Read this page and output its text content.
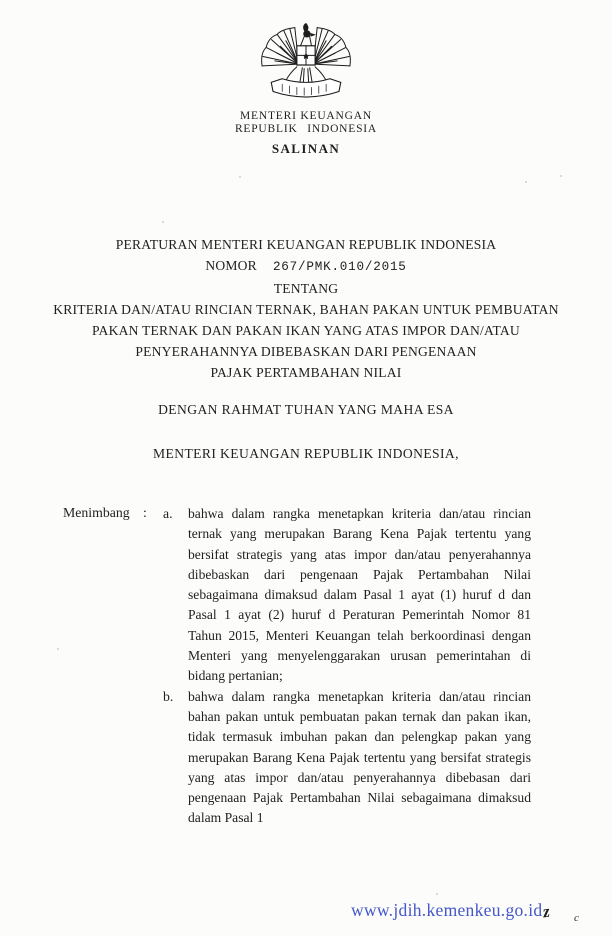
MENTERI KEUANGAN
REPUBLIK INDONESIA
SALINAN
PERATURAN MENTERI KEUANGAN REPUBLIK INDONESIA
NOMOR 267/PMK.010/2015
TENTANG
KRITERIA DAN/ATAU RINCIAN TERNAK, BAHAN PAKAN UNTUK PEMBUATAN
PAKAN TERNAK DAN PAKAN IKAN YANG ATAS IMPOR DAN/ATAU
PENYERAHANNYA DIBEBASKAN DARI PENGENAAN
PAJAK PERTAMBAHAN NILAI
DENGAN RAHMAT TUHAN YANG MAHA ESA
MENTERI KEUANGAN REPUBLIK INDONESIA,
Menimbang : a.	bahwa dalam rangka menetapkan kriteria dan/atau rincian ternak yang merupakan Barang Kena Pajak tertentu yang bersifat strategis yang atas impor dan/atau penyerahannya dibebaskan dari pengenaan Pajak Pertambahan Nilai sebagaimana dimaksud dalam Pasal 1 ayat (1) huruf d dan Pasal 1 ayat (2) huruf d Peraturan Pemerintah Nomor 81 Tahun 2015, Menteri Keuangan telah berkoordinasi dengan Menteri yang menyelenggarakan urusan pemerintahan di bidang pertanian;
b.	bahwa dalam rangka menetapkan kriteria dan/atau rincian bahan pakan untuk pembuatan pakan ternak dan pakan ikan, tidak termasuk imbuhan pakan dan pelengkap pakan yang merupakan Barang Kena Pajak tertentu yang bersifat strategis yang atas impor dan/atau penyerahannya dibebasan dari pengenaan Pajak Pertambahan Nilai sebagaimana dimaksud dalam Pasal 1
www.jdih.kemenkeu.go.id z c
